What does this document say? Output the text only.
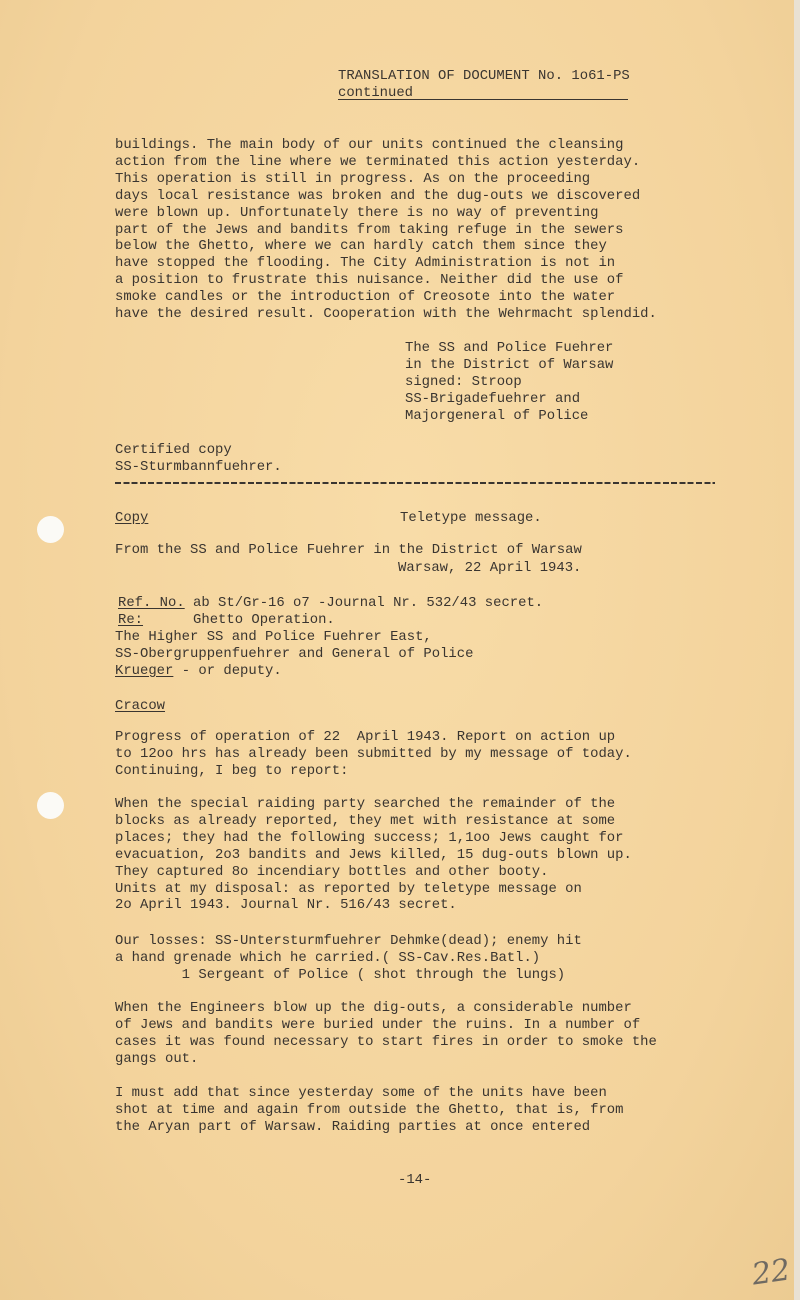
TRANSLATION OF DOCUMENT No. 1o61-PS
continued
buildings. The main body of our units continued the cleansing
action from the line where we terminated this action yesterday.
This operation is still in progress. As on the proceeding
days local resistance was broken and the dug-outs we discovered
were blown up. Unfortunately there is no way of preventing
part of the Jews and bandits from taking refuge in the sewers
below the Ghetto, where we can hardly catch them since they
have stopped the flooding. The City Administration is not in
a position to frustrate this nuisance. Neither did the use of
smoke candles or the introduction of Creosote into the water
have the desired result. Cooperation with the Wehrmacht splendid.
The SS and Police Fuehrer
in the District of Warsaw
signed: Stroop
SS-Brigadefuehrer and
Majorgeneral of Police
Certified copy
SS-Sturmbannfuehrer.
Copy	Teletype message.
From the SS and Police Fuehrer in the District of Warsaw
Warsaw, 22 April 1943.
Ref. No. ab St/Gr-16 o7 -Journal Nr. 532/43 secret.
Re:      Ghetto Operation.
The Higher SS and Police Fuehrer East,
SS-Obergruppenfuehrer and General of Police
Krueger - or deputy.
Cracow
Progress of operation of 22  April 1943. Report on action up
to 12oo hrs has already been submitted by my message of today.
Continuing, I beg to report:
When the special raiding party searched the remainder of the
blocks as already reported, they met with resistance at some
places; they had the following success; 1,1oo Jews caught for
evacuation, 2o3 bandits and Jews killed, 15 dug-outs blown up.
They captured 8o incendiary bottles and other booty.
Units at my disposal: as reported by teletype message on
2o April 1943. Journal Nr. 516/43 secret.
Our losses: SS-Untersturmfuehrer Dehmke(dead); enemy hit
a hand grenade which he carried.( SS-Cav.Res.Batl.)
1 Sergeant of Police ( shot through the lungs)
When the Engineers blow up the dig-outs, a considerable number
of Jews and bandits were buried under the ruins. In a number of
cases it was found necessary to start fires in order to smoke the
gangs out.
I must add that since yesterday some of the units have been
shot at time and again from outside the Ghetto, that is, from
the Aryan part of Warsaw. Raiding parties at once entered
-14-
22
